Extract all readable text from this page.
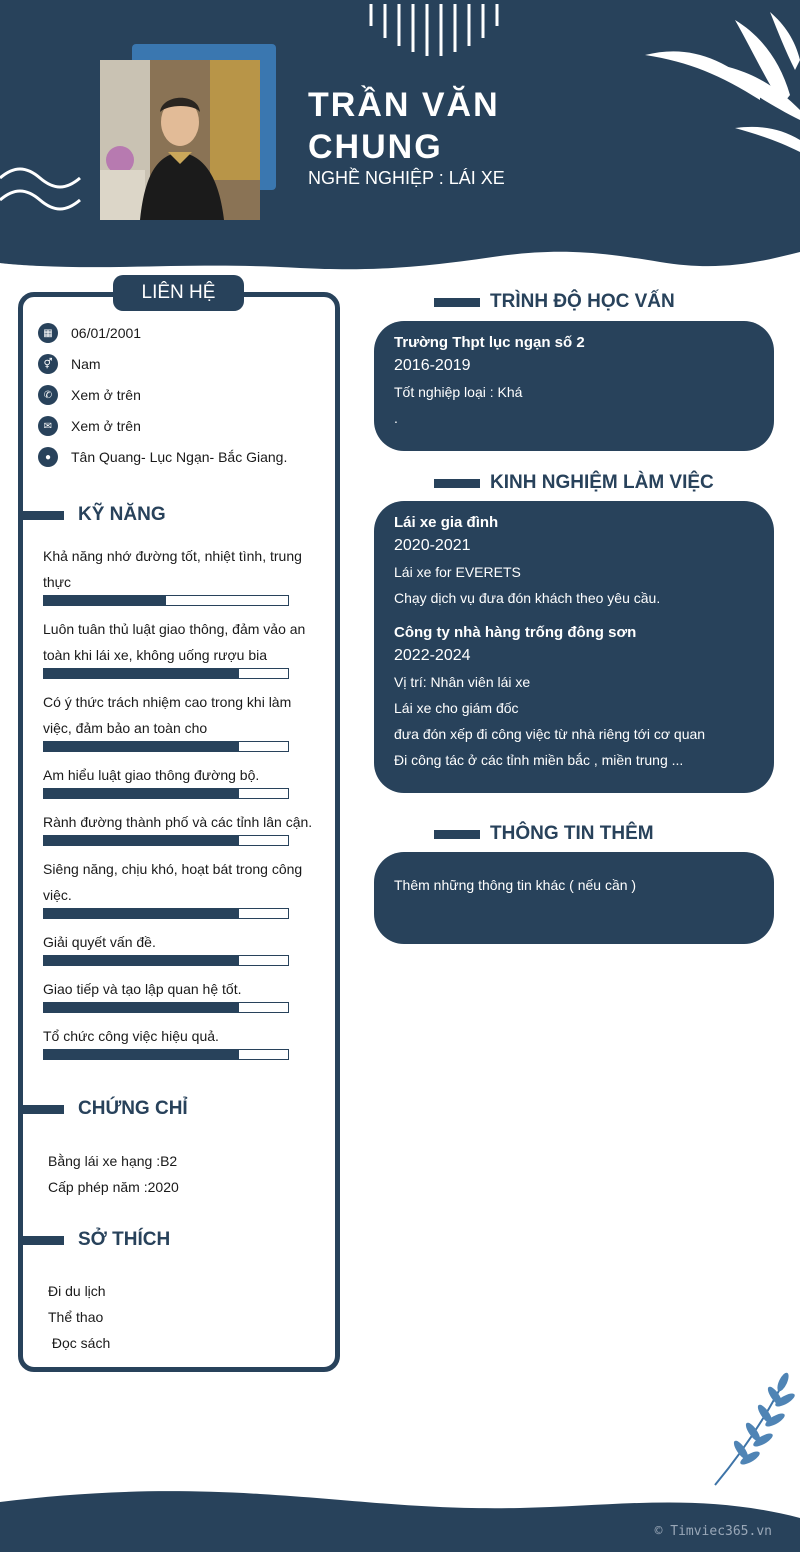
TRẦN VĂN
CHUNG
NGHỀ NGHIỆP : LÁI XE
LIÊN HỆ
▦	06/01/2001
⚥	Nam
✆	Xem ở trên
✉	Xem ở trên
●	Tân Quang- Lục Ngạn- Bắc Giang.
KỸ NĂNG
Khả năng nhớ đường tốt, nhiệt tình, trung
thực
Luôn tuân thủ luật giao thông, đảm vảo an
toàn khi lái xe, không uống rượu bia
Có ý thức trách nhiệm cao trong khi làm
việc, đảm bảo an toàn cho
Am hiểu luật giao thông đường bộ.
Rành đường thành phố và các tỉnh lân cận.
Siêng năng, chịu khó, hoạt bát trong công
việc.
Giải quyết vấn đề.
Giao tiếp và tạo lập quan hệ tốt.
Tổ chức công việc hiệu quả.
CHỨNG CHỈ
Bằng lái xe hạng :B2
Cấp phép năm :2020
SỞ THÍCH
Đi du lịch
Thể thao
Đọc sách
TRÌNH ĐỘ HỌC VẤN
Trường Thpt lục ngạn số 2
2016-2019
Tốt nghiệp loại : Khá
.
KINH NGHIỆM LÀM VIỆC
Lái xe gia đình
2020-2021
Lái xe for EVERETS
Chạy dịch vụ đưa đón khách theo yêu cầu.
Công ty nhà hàng trống đông sơn
2022-2024
Vị trí: Nhân viên lái xe
Lái xe cho giám đốc
đưa đón xếp đi công việc từ nhà riêng tới cơ quan
Đi công tác ở các tỉnh miền bắc , miền trung ...
THÔNG TIN THÊM
Thêm những thông tin khác ( nếu cần )
© Timviec365.vn
